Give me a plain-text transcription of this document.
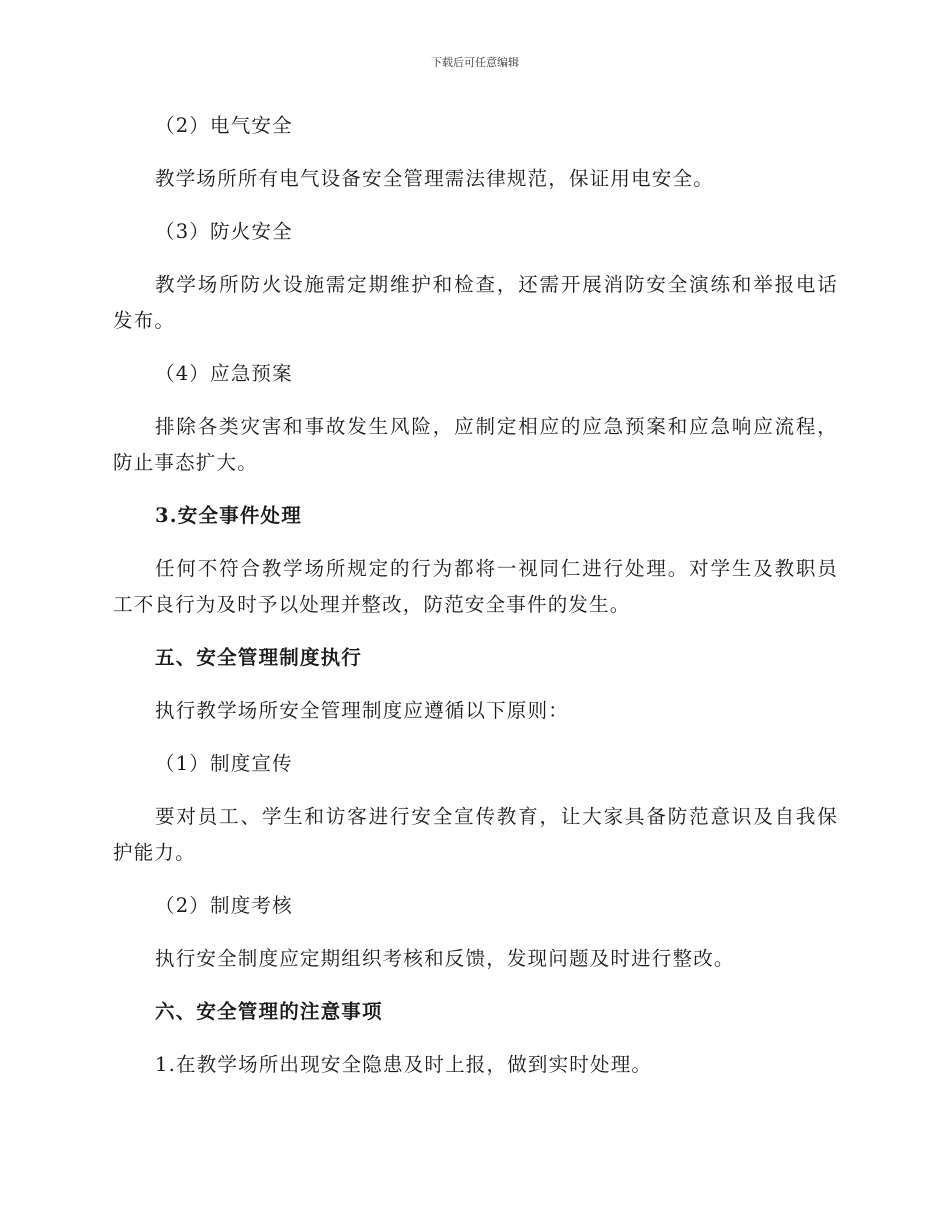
下载后可任意编辑

（2）电气安全

教学场所所有电气设备安全管理需法律规范，保证用电安全。

（3）防火安全

教学场所防火设施需定期维护和检查，还需开展消防安全演练和举报电话发布。

（4）应急预案

排除各类灾害和事故发生风险，应制定相应的应急预案和应急响应流程，防止事态扩大。

3.安全事件处理

任何不符合教学场所规定的行为都将一视同仁进行处理。对学生及教职员工不良行为及时予以处理并整改，防范安全事件的发生。

五、安全管理制度执行

执行教学场所安全管理制度应遵循以下原则：

（1）制度宣传

要对员工、学生和访客进行安全宣传教育，让大家具备防范意识及自我保护能力。

（2）制度考核

执行安全制度应定期组织考核和反馈，发现问题及时进行整改。

六、安全管理的注意事项

1.在教学场所出现安全隐患及时上报，做到实时处理。
